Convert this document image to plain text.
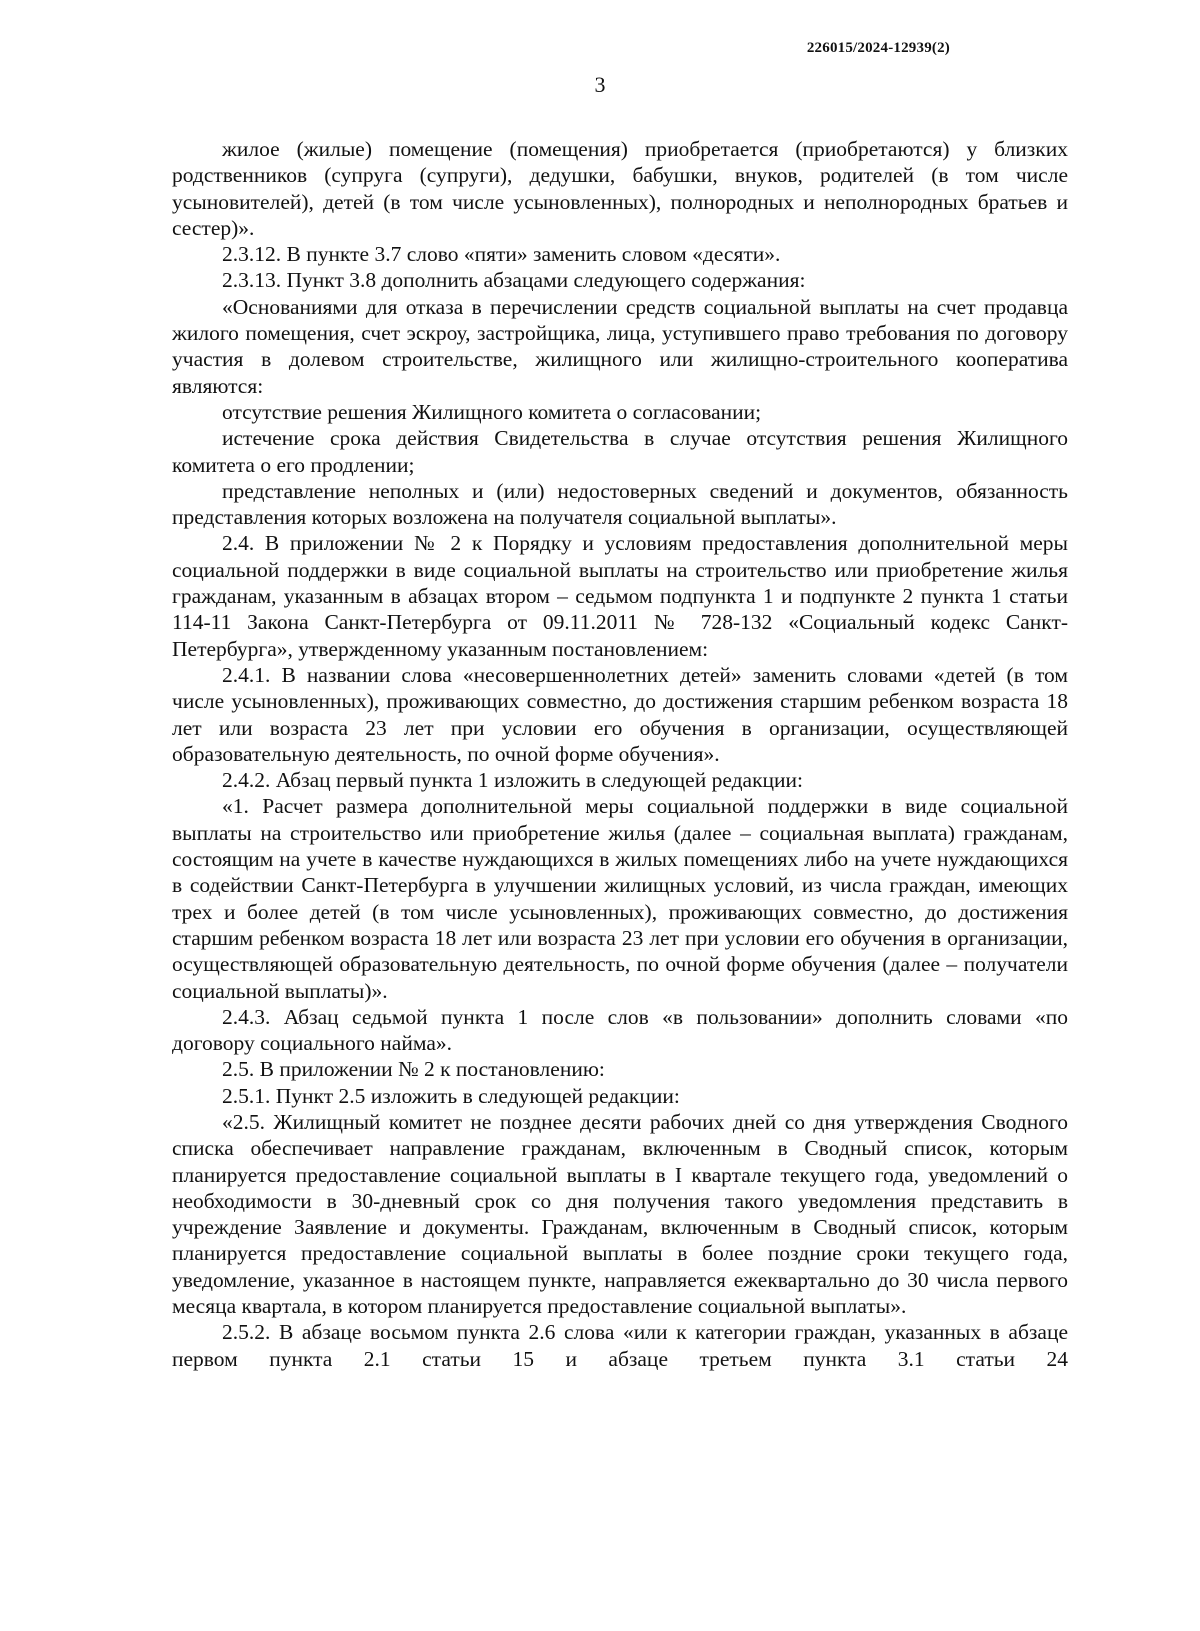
226015/2024-12939(2)
3

жилое (жилые) помещение (помещения) приобретается (приобретаются) у близких родственников (супруга (супруги), дедушки, бабушки, внуков, родителей (в том числе усыновителей), детей (в том числе усыновленных), полнородных и неполнородных братьев и сестер)».

2.3.12. В пункте 3.7 слово «пяти» заменить словом «десяти».

2.3.13. Пункт 3.8 дополнить абзацами следующего содержания:

«Основаниями для отказа в перечислении средств социальной выплаты на счет продавца жилого помещения, счет эскроу, застройщика, лица, уступившего право требования по договору участия в долевом строительстве, жилищного или жилищно-строительного кооператива являются:

отсутствие решения Жилищного комитета о согласовании;

истечение срока действия Свидетельства в случае отсутствия решения Жилищного комитета о его продлении;

представление неполных и (или) недостоверных сведений и документов, обязанность представления которых возложена на получателя социальной выплаты».

2.4. В приложении № 2 к Порядку и условиям предоставления дополнительной меры социальной поддержки в виде социальной выплаты на строительство или приобретение жилья гражданам, указанным в абзацах втором – седьмом подпункта 1 и подпункте 2 пункта 1 статьи 114-11 Закона Санкт-Петербурга от 09.11.2011 № 728-132 «Социальный кодекс Санкт-Петербурга», утвержденному указанным постановлением:

2.4.1. В названии слова «несовершеннолетних детей» заменить словами «детей (в том числе усыновленных), проживающих совместно, до достижения старшим ребенком возраста 18 лет или возраста 23 лет при условии его обучения в организации, осуществляющей образовательную деятельность, по очной форме обучения».

2.4.2. Абзац первый пункта 1 изложить в следующей редакции:

«1. Расчет размера дополнительной меры социальной поддержки в виде социальной выплаты на строительство или приобретение жилья (далее – социальная выплата) гражданам, состоящим на учете в качестве нуждающихся в жилых помещениях либо на учете нуждающихся в содействии Санкт-Петербурга в улучшении жилищных условий, из числа граждан, имеющих трех и более детей (в том числе усыновленных), проживающих совместно, до достижения старшим ребенком возраста 18 лет или возраста 23 лет при условии его обучения в организации, осуществляющей образовательную деятельность, по очной форме обучения (далее – получатели социальной выплаты)».

2.4.3. Абзац седьмой пункта 1 после слов «в пользовании» дополнить словами «по договору социального найма».

2.5. В приложении № 2 к постановлению:

2.5.1. Пункт 2.5 изложить в следующей редакции:

«2.5. Жилищный комитет не позднее десяти рабочих дней со дня утверждения Сводного списка обеспечивает направление гражданам, включенным в Сводный список, которым планируется предоставление социальной выплаты в I квартале текущего года, уведомлений о необходимости в 30-дневный срок со дня получения такого уведомления представить в учреждение Заявление и документы. Гражданам, включенным в Сводный список, которым планируется предоставление социальной выплаты в более поздние сроки текущего года, уведомление, указанное в настоящем пункте, направляется ежеквартально до 30 числа первого месяца квартала, в котором планируется предоставление социальной выплаты».

2.5.2. В абзаце восьмом пункта 2.6 слова «или к категории граждан, указанных в абзаце первом пункта 2.1 статьи 15 и абзаце третьем пункта 3.1 статьи 24
